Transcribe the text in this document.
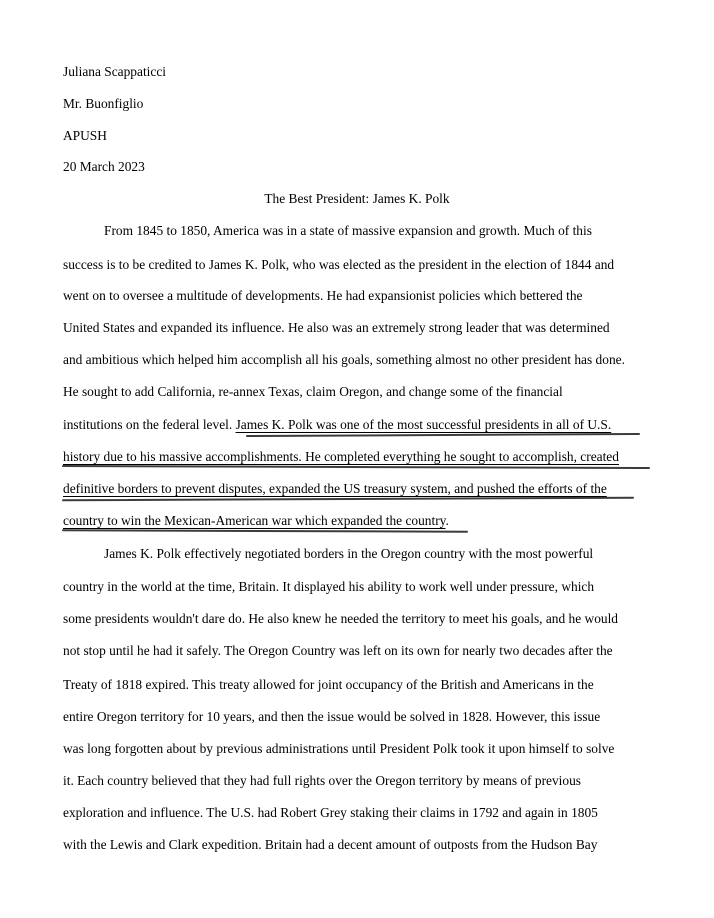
Juliana Scappaticci
Mr. Buonfiglio
APUSH
20 March 2023
The Best President: James K. Polk
From 1845 to 1850, America was in a state of massive expansion and growth. Much of this
success is to be credited to James K. Polk, who was elected as the president in the election of 1844 and
went on to oversee a multitude of developments. He had expansionist policies which bettered the
United States and expanded its influence. He also was an extremely strong leader that was determined
and ambitious which helped him accomplish all his goals, something almost no other president has done.
He sought to add California, re-annex Texas, claim Oregon, and change some of the financial
institutions on the federal level. James K. Polk was one of the most successful presidents in all of U.S.
history due to his massive accomplishments. He completed everything he sought to accomplish, created
definitive borders to prevent disputes, expanded the US treasury system, and pushed the efforts of the
country to win the Mexican-American war which expanded the country.
James K. Polk effectively negotiated borders in the Oregon country with the most powerful
country in the world at the time, Britain. It displayed his ability to work well under pressure, which
some presidents wouldn't dare do. He also knew he needed the territory to meet his goals, and he would
not stop until he had it safely. The Oregon Country was left on its own for nearly two decades after the
Treaty of 1818 expired. This treaty allowed for joint occupancy of the British and Americans in the
entire Oregon territory for 10 years, and then the issue would be solved in 1828. However, this issue
was long forgotten about by previous administrations until President Polk took it upon himself to solve
it. Each country believed that they had full rights over the Oregon territory by means of previous
exploration and influence. The U.S. had Robert Grey staking their claims in 1792 and again in 1805
with the Lewis and Clark expedition. Britain had a decent amount of outposts from the Hudson Bay
